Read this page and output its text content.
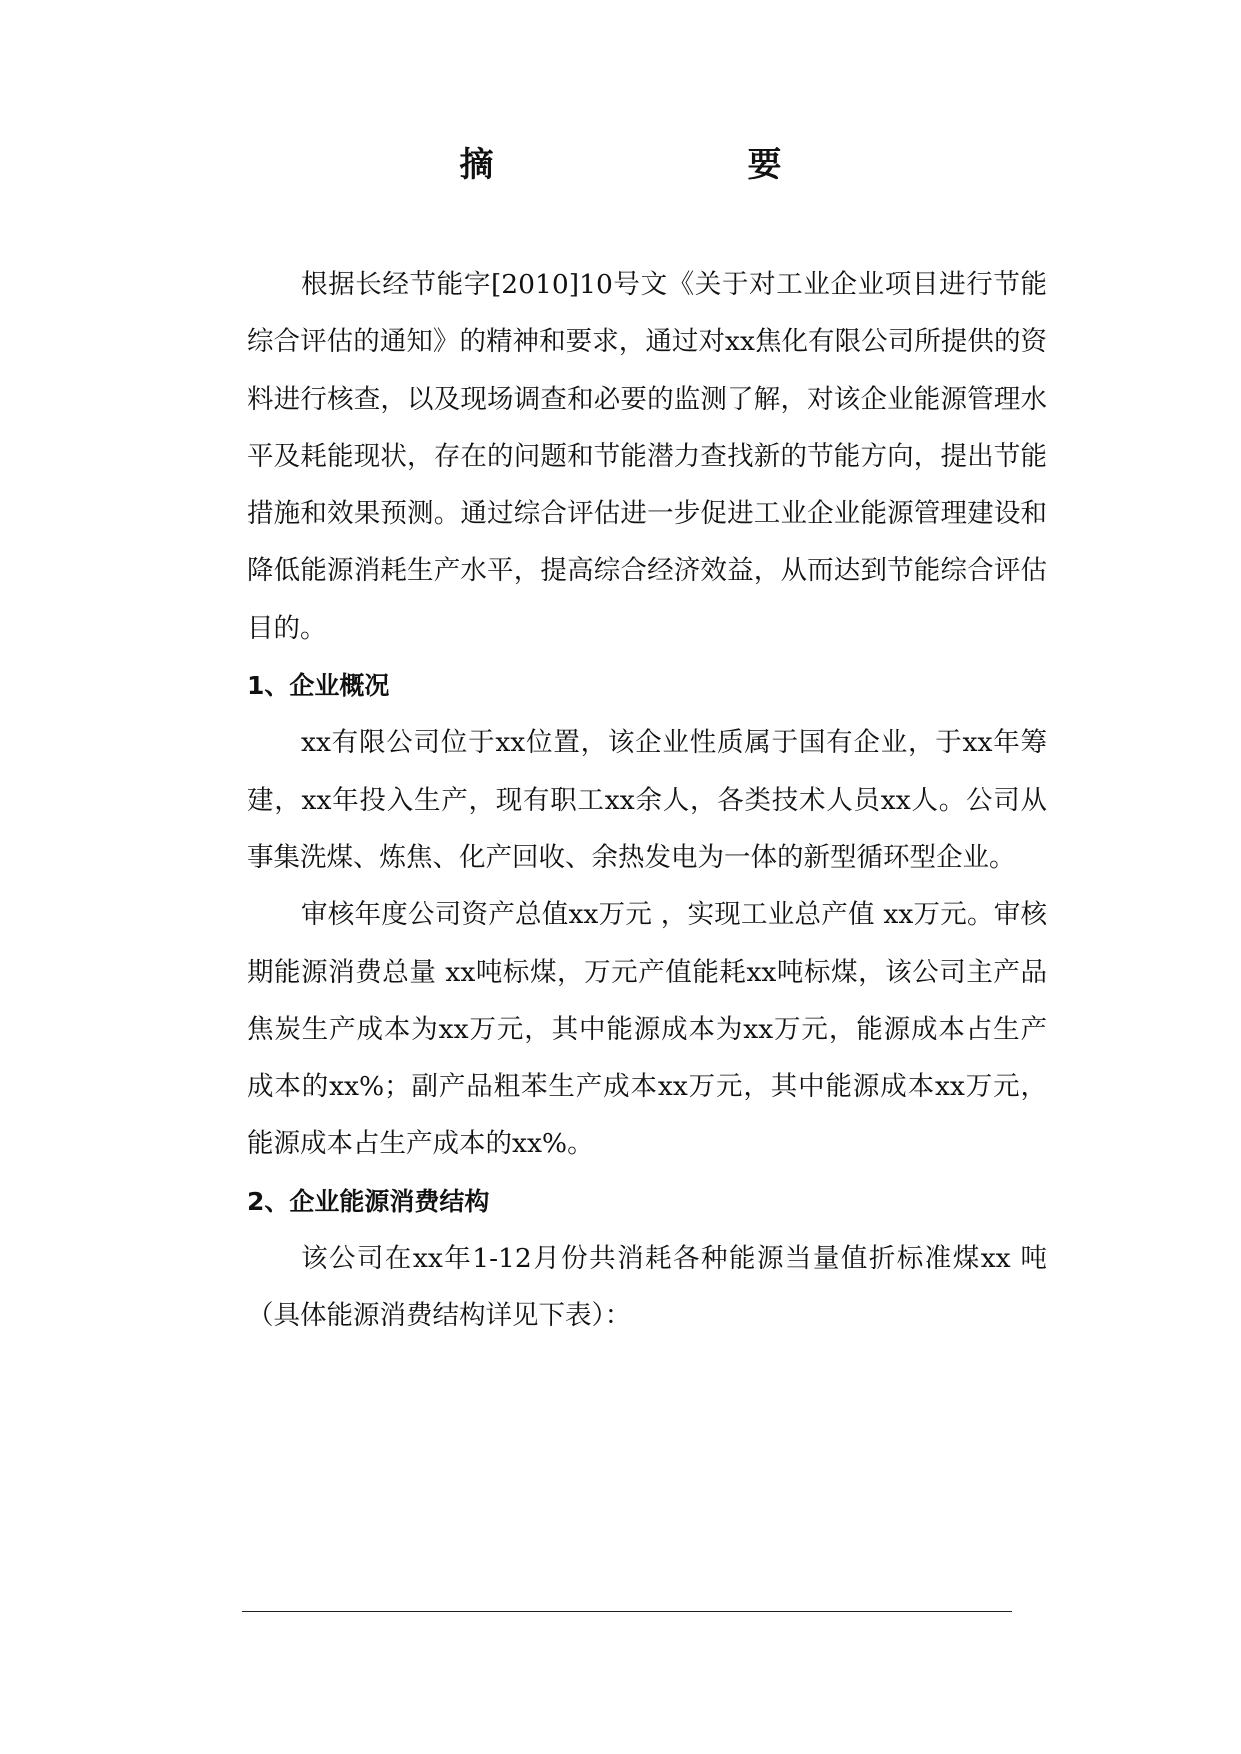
摘　　要

根据长经节能字[2010]10号文《关于对工业企业项目进行节能综合评估的通知》的精神和要求，通过对xx焦化有限公司所提供的资料进行核查，以及现场调查和必要的监测了解，对该企业能源管理水平及耗能现状，存在的问题和节能潜力查找新的节能方向，提出节能措施和效果预测。通过综合评估进一步促进工业企业能源管理建设和降低能源消耗生产水平，提高综合经济效益，从而达到节能综合评估目的。

1、企业概况

xx有限公司位于xx位置，该企业性质属于国有企业，于xx年筹建，xx年投入生产，现有职工xx余人，各类技术人员xx人。公司从事集洗煤、炼焦、化产回收、余热发电为一体的新型循环型企业。

审核年度公司资产总值xx万元 ，实现工业总产值 xx万元。审核期能源消费总量 xx吨标煤，万元产值能耗xx吨标煤，该公司主产品焦炭生产成本为xx万元，其中能源成本为xx万元，能源成本占生产成本的xx%；副产品粗苯生产成本xx万元，其中能源成本xx万元，能源成本占生产成本的xx%。

2、企业能源消费结构

该公司在xx年1-12月份共消耗各种能源当量值折标准煤xx 吨（具体能源消费结构详见下表）：
